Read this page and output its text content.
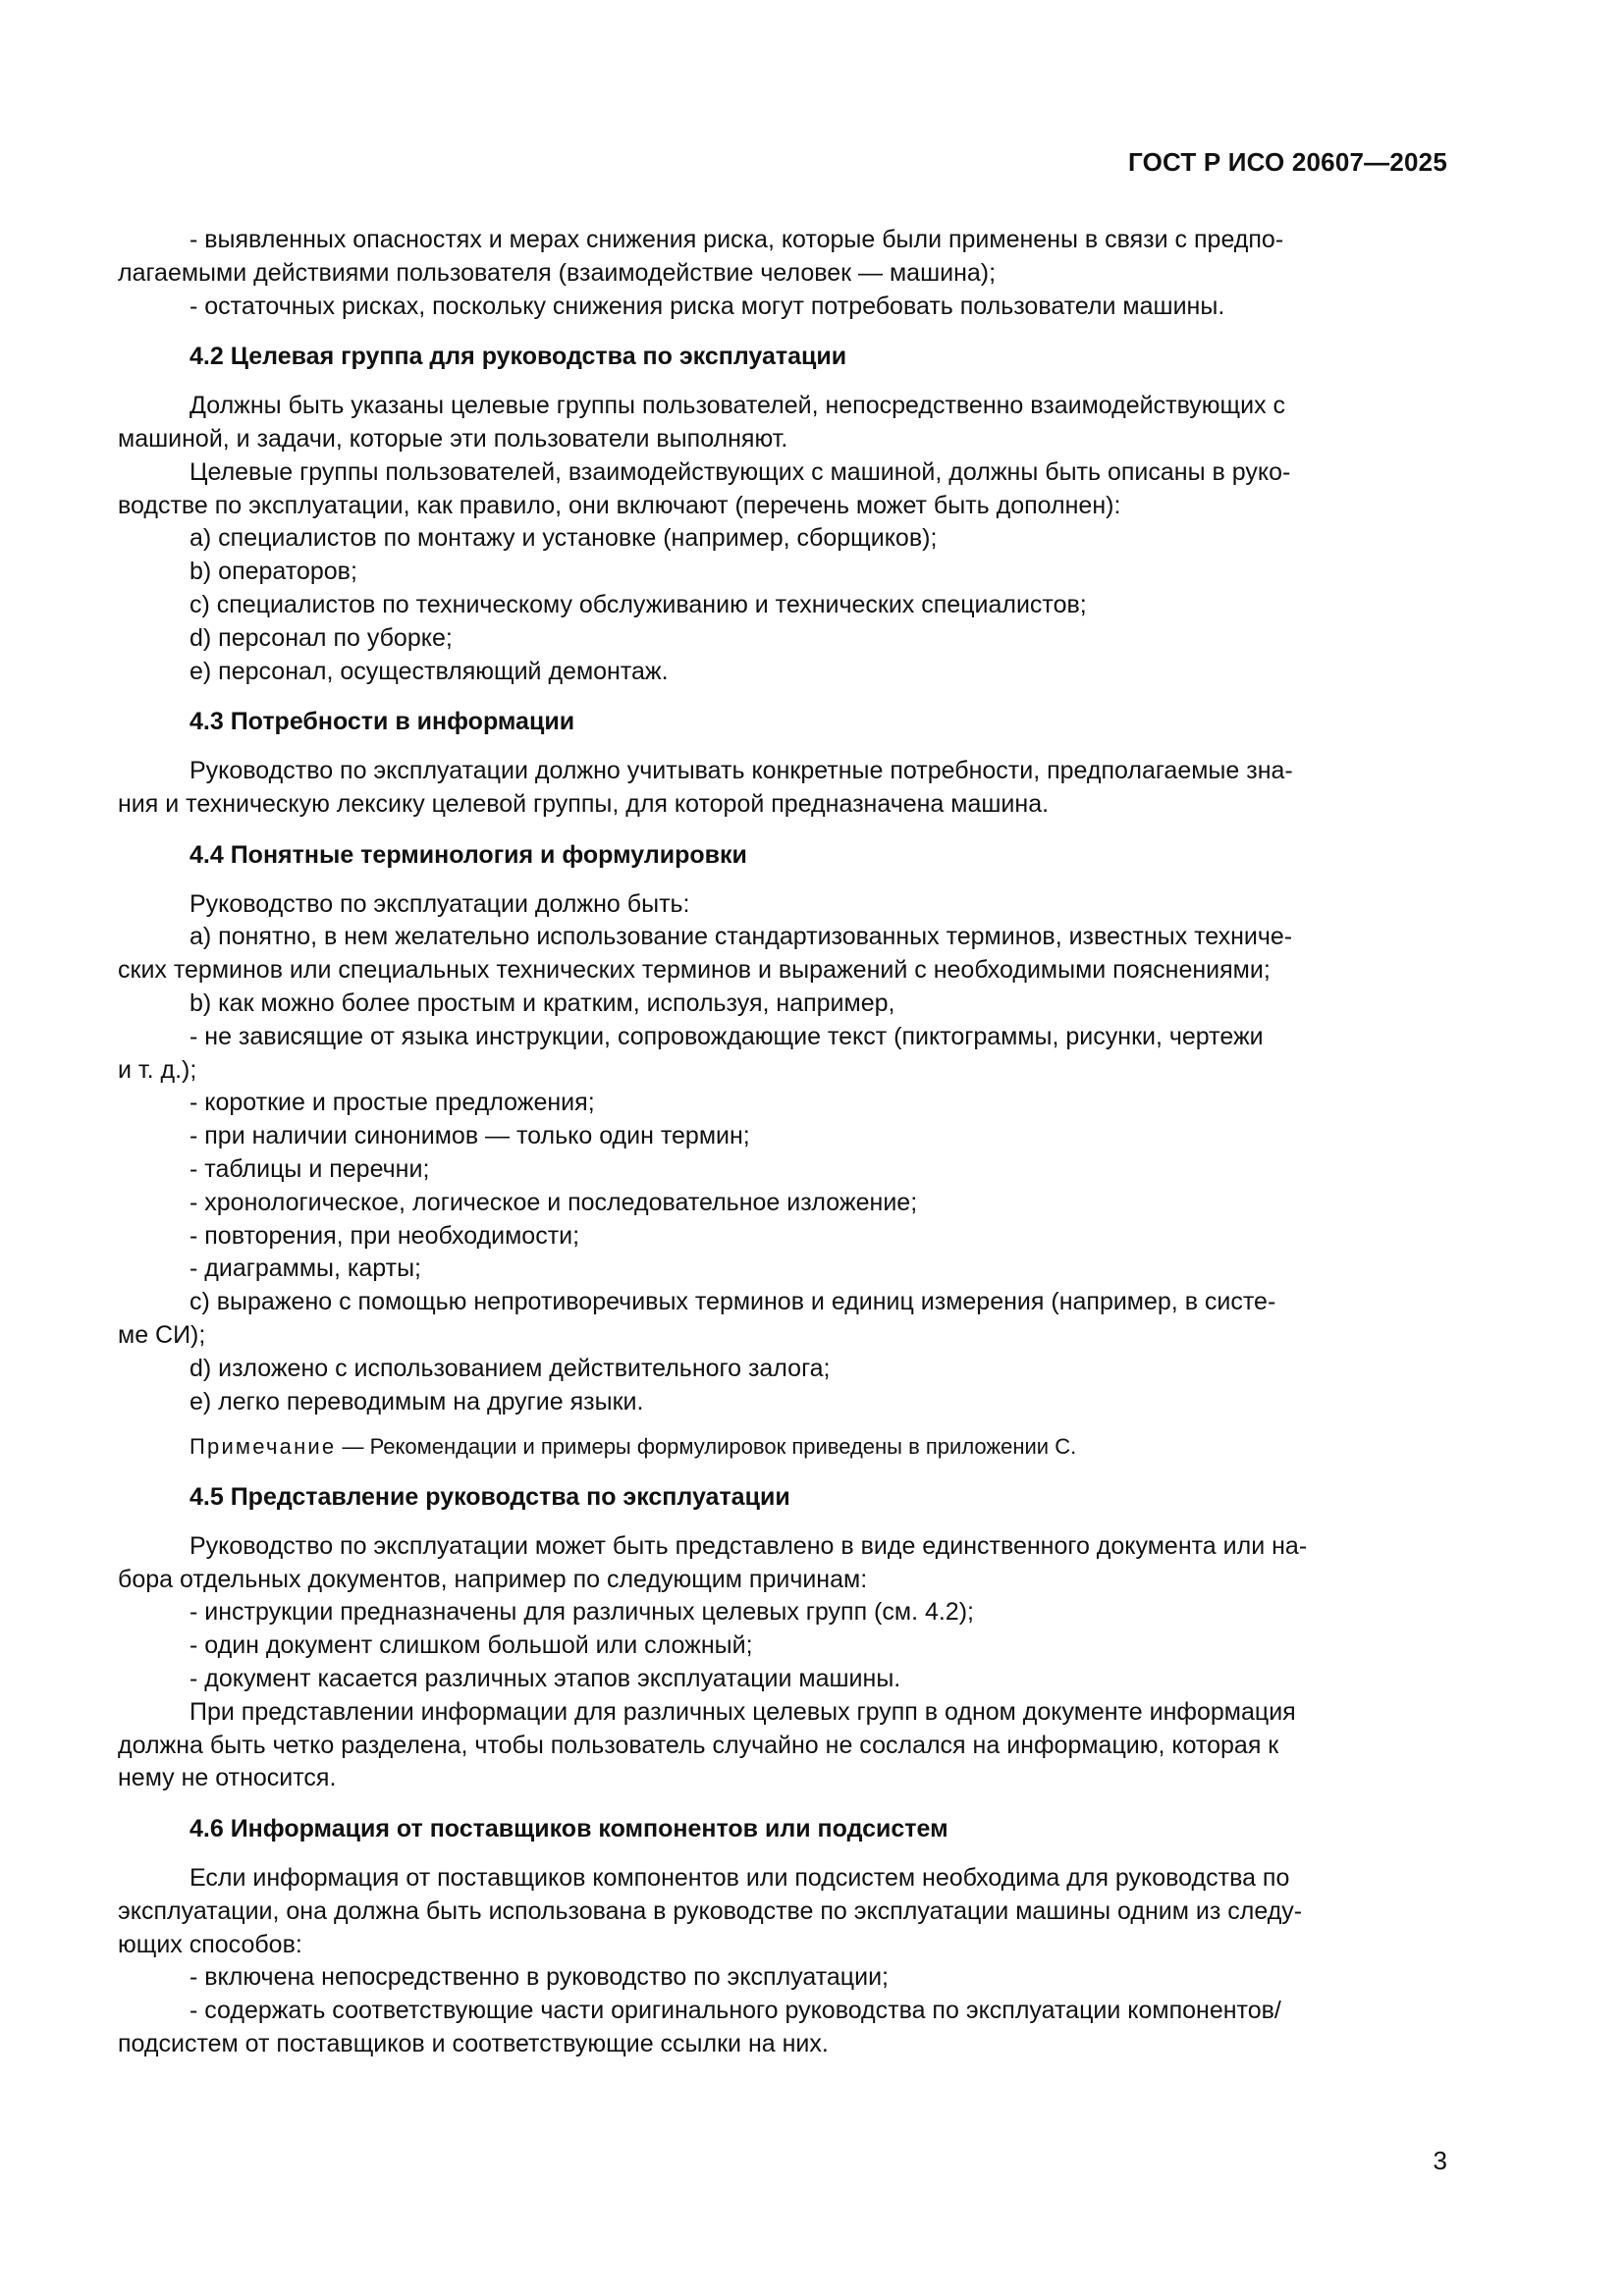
ГОСТ Р ИСО 20607—2025

- выявленных опасностях и мерах снижения риска, которые были применены в связи с предпо-

лагаемыми действиями пользователя (взаимодействие человек — машина);

- остаточных рисках, поскольку снижения риска могут потребовать пользователи машины.

4.2 Целевая группа для руководства по эксплуатации

Должны быть указаны целевые группы пользователей, непосредственно взаимодействующих с

машиной, и задачи, которые эти пользователи выполняют.

Целевые группы пользователей, взаимодействующих с машиной, должны быть описаны в руко-

водстве по эксплуатации, как правило, они включают (перечень может быть дополнен):

a) специалистов по монтажу и установке (например, сборщиков);

b) операторов;

c) специалистов по техническому обслуживанию и технических специалистов;

d) персонал по уборке;

e) персонал, осуществляющий демонтаж.

4.3 Потребности в информации

Руководство по эксплуатации должно учитывать конкретные потребности, предполагаемые зна-

ния и техническую лексику целевой группы, для которой предназначена машина.

4.4 Понятные терминология и формулировки

Руководство по эксплуатации должно быть:

a) понятно, в нем желательно использование стандартизованных терминов, известных техниче-

ских терминов или специальных технических терминов и выражений с необходимыми пояснениями;

b) как можно более простым и кратким, используя, например,

- не зависящие от языка инструкции, сопровождающие текст (пиктограммы, рисунки, чертежи

и т. д.);

- короткие и простые предложения;

- при наличии синонимов — только один термин;

- таблицы и перечни;

- хронологическое, логическое и последовательное изложение;

- повторения, при необходимости;

- диаграммы, карты;

c) выражено с помощью непротиворечивых терминов и единиц измерения (например, в систе-

ме СИ);

d) изложено с использованием действительного залога;

e) легко переводимым на другие языки.

Примечание — Рекомендации и примеры формулировок приведены в приложении С.

4.5 Представление руководства по эксплуатации

Руководство по эксплуатации может быть представлено в виде единственного документа или на-

бора отдельных документов, например по следующим причинам:

- инструкции предназначены для различных целевых групп (см. 4.2);

- один документ слишком большой или сложный;

- документ касается различных этапов эксплуатации машины.

При представлении информации для различных целевых групп в одном документе информация

должна быть четко разделена, чтобы пользователь случайно не сослался на информацию, которая к

нему не относится.

4.6 Информация от поставщиков компонентов или подсистем

Если информация от поставщиков компонентов или подсистем необходима для руководства по

эксплуатации, она должна быть использована в руководстве по эксплуатации машины одним из следу-

ющих способов:

- включена непосредственно в руководство по эксплуатации;

- содержать соответствующие части оригинального руководства по эксплуатации компонентов/

подсистем от поставщиков и соответствующие ссылки на них.

3
